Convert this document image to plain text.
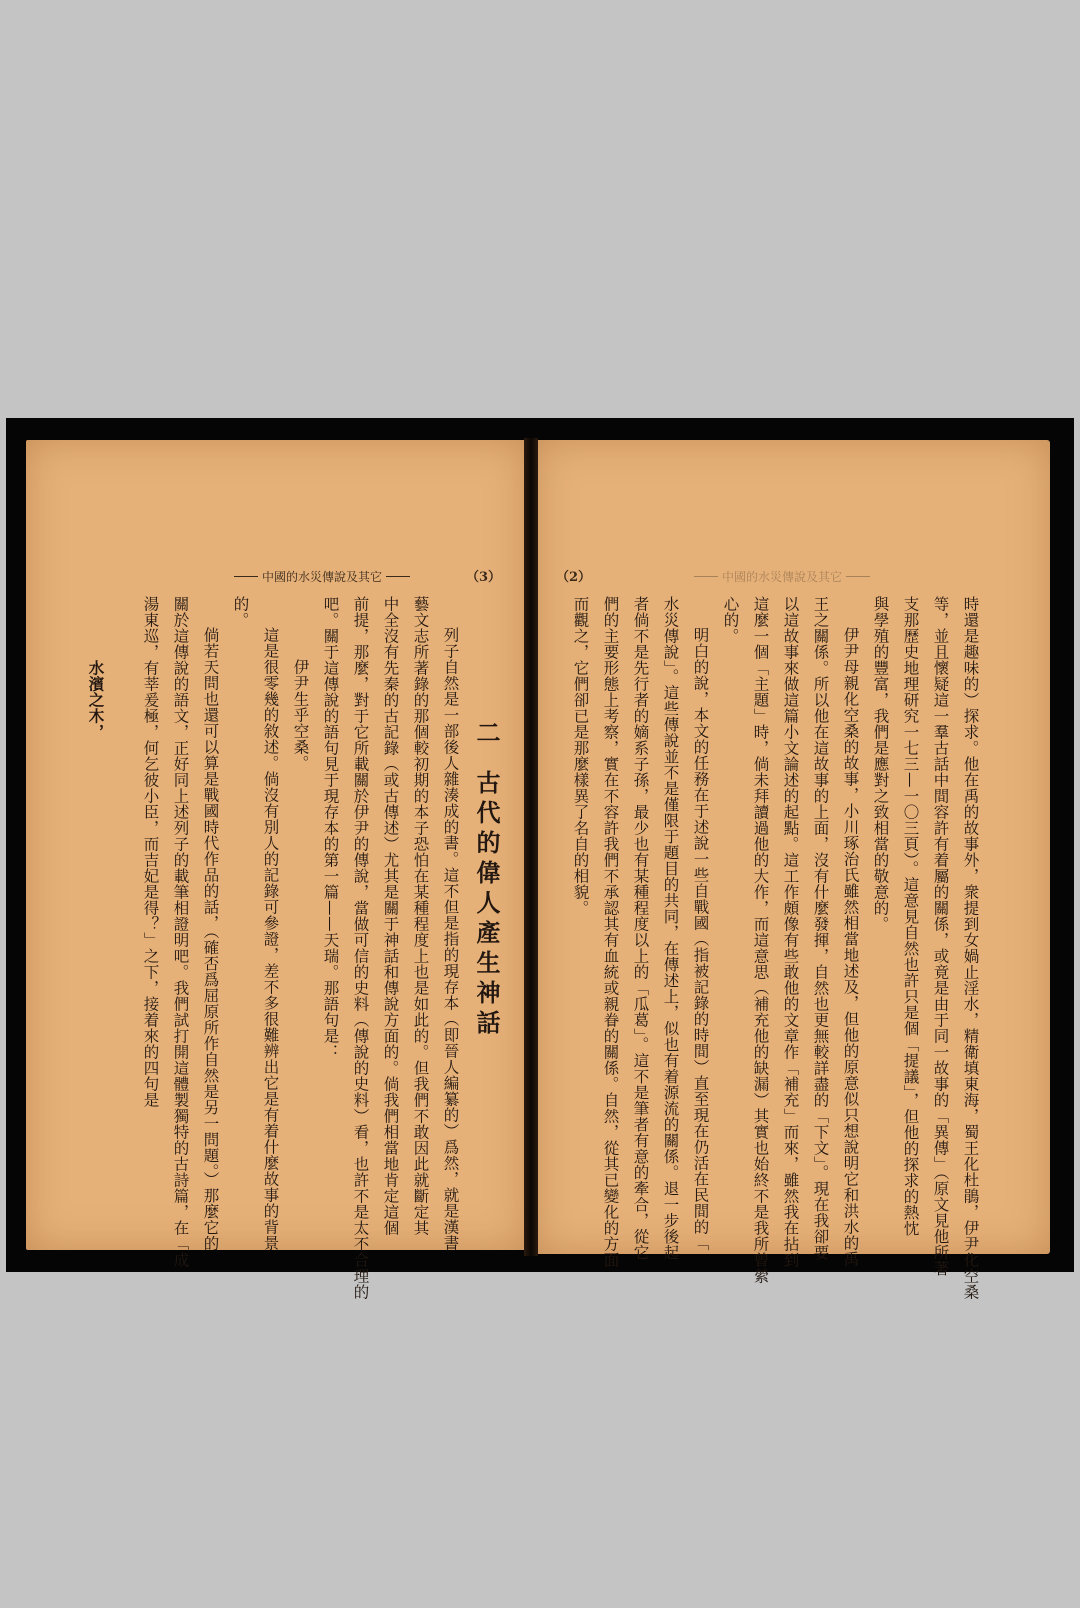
中國的水災傳說及其它	（3）	（2）	中國的水災傳說及其它
時還是趣味的）探求。他在禹的故事外，衆提到女媧止淫水，精衛填東海，蜀王化杜鵑，伊尹化空桑
等，並且懷疑這一羣古話中間容許有着屬的關係，或竟是由于同一故事的「異傳」（原文見他所著
支那歷史地理研究一七三—一〇三頁）。這意見自然也許只是個「提議」，但他的探求的熱忱
與學殖的豐富，我們是應對之致相當的敬意的。
伊尹母親化空桑的故事，小川琢治氏雖然相當地述及，但他的原意似只想說明它和洪水的禹
王之關係。所以他在這故事的上面，沒有什麼發揮，自然也更無較詳盡的「下文」。現在我卻要
以這故事來做這篇小文論述的起點。這工作頗像有些敢他的文章作「補充」而來，雖然我在拈到
這麼一個「主題」時，倘未拜讀過他的大作，而這意思（補充他的缺漏）其實也始終不是我所曾縈
心的。
明白的說，本文的任務在于述說一些自戰國（指被記錄的時間）直至現在仍活在民間的「
水災傳說」。這些傳說並不是僅限于題目的共同，在傳述上，似也有着源流的關係。退一步後起
者倘不是先行者的嫡系子孫，最少也有某種程度以上的「瓜葛」。這不是筆者有意的牽合，從它
們的主要形態上考察，實在不容許我們不承認其有血統或親眷的關係。自然，從其已變化的方面
而觀之，它們卻已是那麼樣異了名自的相貌。
二
古代的偉人產生神話
列子自然是一部後人雜湊成的書。這不但是指的現存本（即晉人編纂的）爲然，就是漢書
藝文志所著錄的那個較初期的本子恐怕在某種程度上也是如此的。但我們不敢因此就斷定其
中全沒有先秦的古記錄（或古傳述）尤其是關于神話和傳說方面的。倘我們相當地肯定這個
前提，那麼，對于它所載關於伊尹的傳說，當做可信的史料（傳說的史料）看，也許不是太不合理的
吧。關于這傳說的語句見于現存本的第一篇——天瑞。那語句是：
伊尹生乎空桑。
這是很零幾的敘述。倘沒有別人的記錄可參證，差不多很難辨出它是有着什麼故事的背景
的。
倘若天問也還可以算是戰國時代作品的話，（確否爲屈原所作自然是另一問題。）那麼它的
關於這傳說的語文，正好同上述列子的載筆相證明吧。我們試打開這體製獨特的古詩篇，在「成
湯東巡，有莘爰極，何乞彼小臣，而吉妃是得？」之下，接着來的四句是
水濱之木，
